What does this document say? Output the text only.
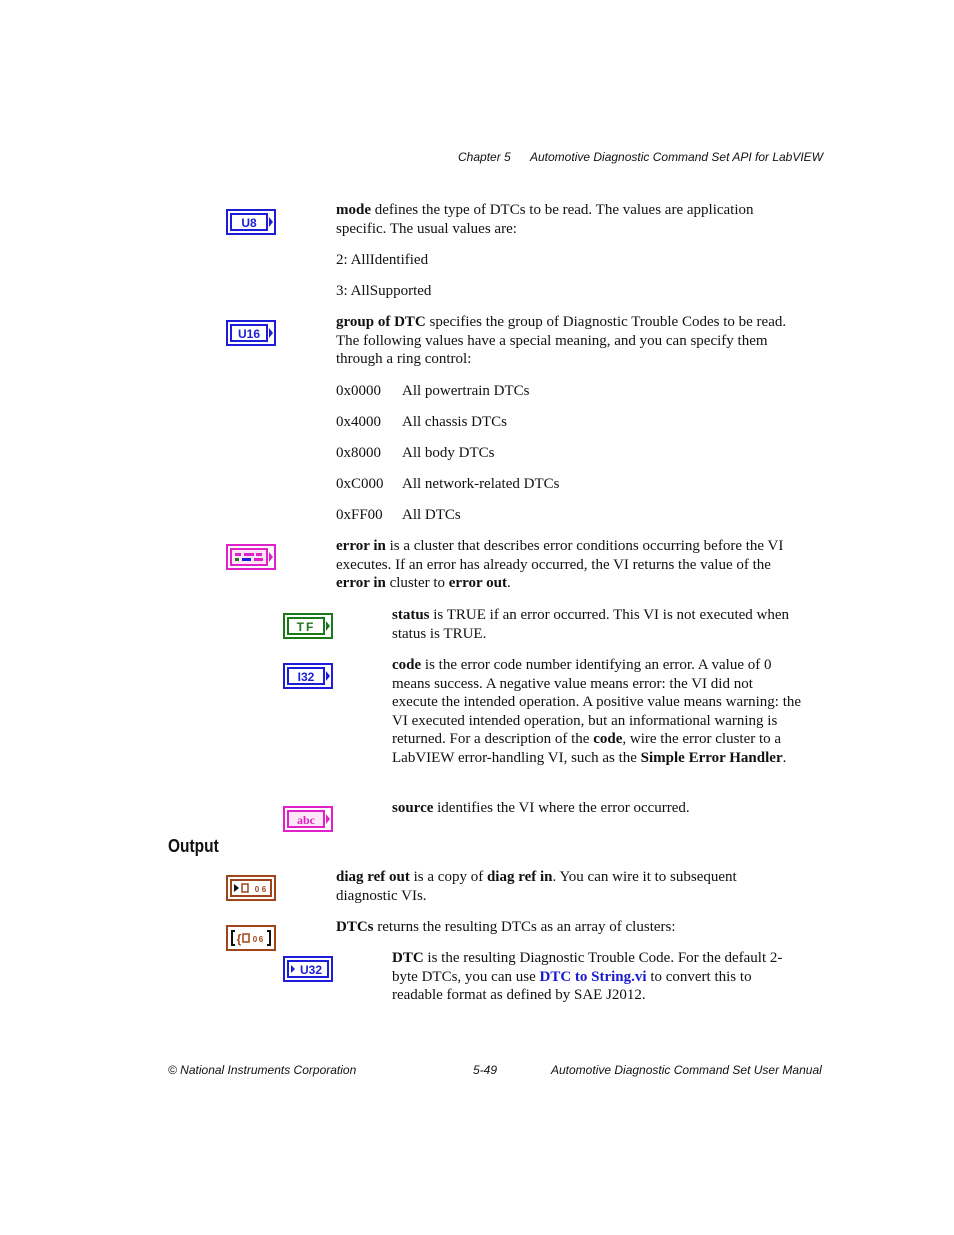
Chapter 5 Automotive Diagnostic Command Set API for LabVIEW
U8
mode defines the type of DTCs to be read. The values are application specific. The usual values are:
2: AllIdentified
3: AllSupported
U16
group of DTC specifies the group of Diagnostic Trouble Codes to be read. The following values have a special meaning, and you can specify them through a ring control:
0x0000 All powertrain DTCs
0x4000 All chassis DTCs
0x8000 All body DTCs
0xC000 All network-related DTCs
0xFF00 All DTCs
error in is a cluster that describes error conditions occurring before the VI executes. If an error has already occurred, the VI returns the value of the error in cluster to error out.
TF
status is TRUE if an error occurred. This VI is not executed when status is TRUE.
I32
code is the error code number identifying an error. A value of 0 means success. A negative value means error: the VI did not execute the intended operation. A positive value means warning: the VI executed intended operation, but an informational warning is returned. For a description of the code, wire the error cluster to a LabVIEW error-handling VI, such as the Simple Error Handler.
abc
source identifies the VI where the error occurred.
Output
0 6
diag ref out is a copy of diag ref in. You can wire it to subsequent diagnostic VIs.
{ 0 6
DTCs returns the resulting DTCs as an array of clusters:
U32
DTC is the resulting Diagnostic Trouble Code. For the default 2-byte DTCs, you can use DTC to String.vi to convert this to readable format as defined by SAE J2012.
© National Instruments Corporation	5-49	Automotive Diagnostic Command Set User Manual
